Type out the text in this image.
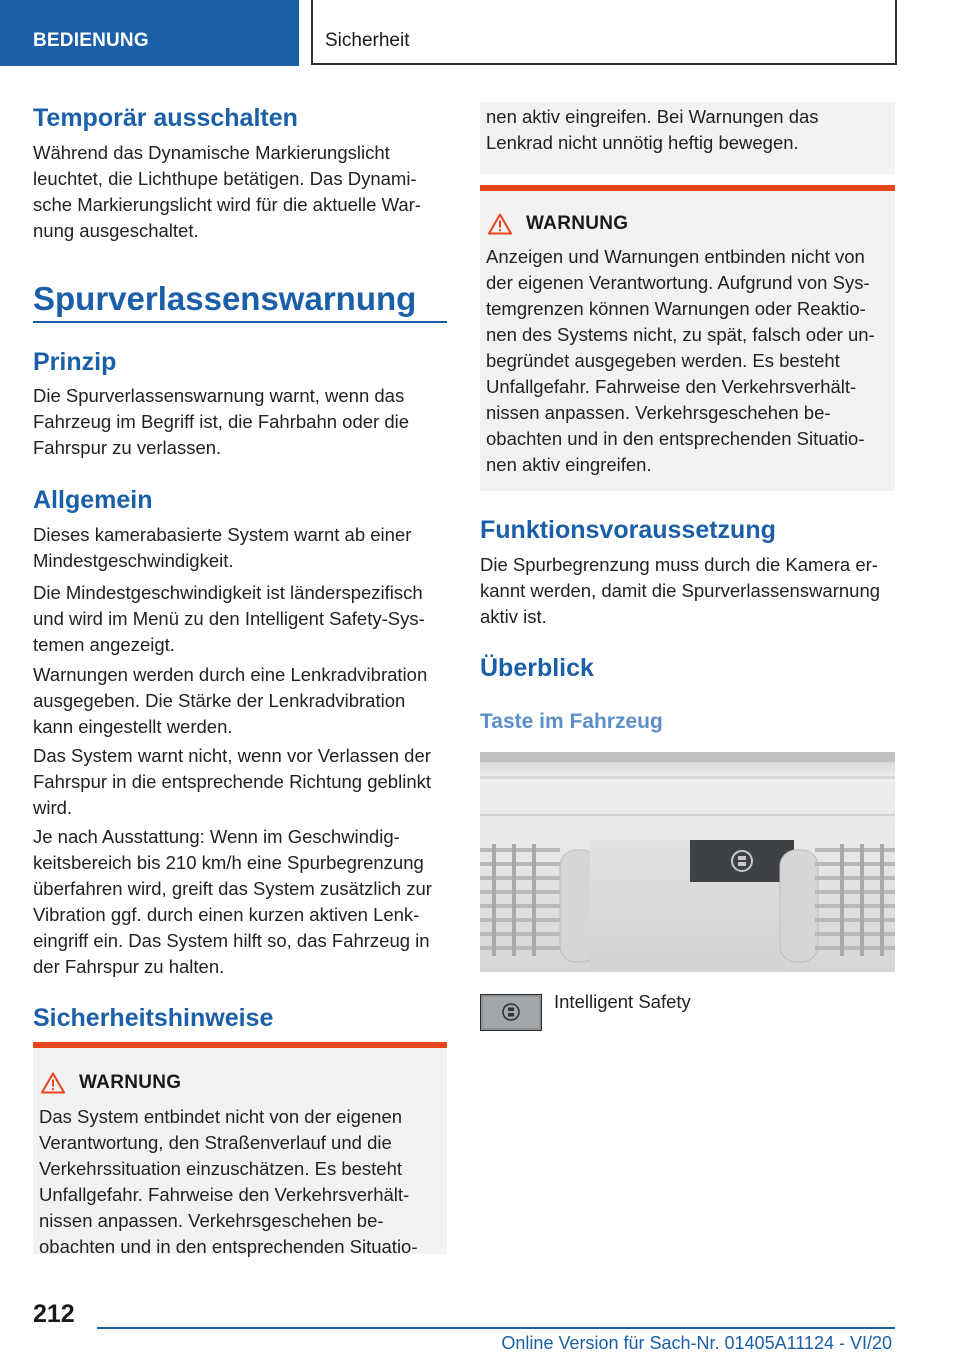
BEDIENUNG	Sicherheit
Temporär ausschalten

Während das Dynamische Markierungslicht

leuchtet, die Lichthupe betätigen. Das Dynami-

sche Markierungslicht wird für die aktuelle War-

nung ausgeschaltet.

Spurverlassenswarnung
Prinzip

Die Spurverlassenswarnung warnt, wenn das

Fahrzeug im Begriff ist, die Fahrbahn oder die

Fahrspur zu verlassen.

Allgemein

Dieses kamerabasierte System warnt ab einer

Mindestgeschwindigkeit.

Die Mindestgeschwindigkeit ist länderspezifisch

und wird im Menü zu den Intelligent Safety-Sys-

temen angezeigt.

Warnungen werden durch eine Lenkradvibration

ausgegeben. Die Stärke der Lenkradvibration

kann eingestellt werden.

Das System warnt nicht, wenn vor Verlassen der

Fahrspur in die entsprechende Richtung geblinkt

wird.

Je nach Ausstattung: Wenn im Geschwindig-

keitsbereich bis 210 km/h eine Spurbegrenzung

überfahren wird, greift das System zusätzlich zur

Vibration ggf. durch einen kurzen aktiven Lenk-

eingriff ein. Das System hilft so, das Fahrzeug in

der Fahrspur zu halten.

Sicherheitshinweise
WARNUNG

Das System entbindet nicht von der eigenen

Verantwortung, den Straßenverlauf und die

Verkehrssituation einzuschätzen. Es besteht

Unfallgefahr. Fahrweise den Verkehrsverhält-

nissen anpassen. Verkehrsgeschehen be-

obachten und in den entsprechenden Situatio-

nen aktiv eingreifen. Bei Warnungen das

Lenkrad nicht unnötig heftig bewegen.

WARNUNG

Anzeigen und Warnungen entbinden nicht von

der eigenen Verantwortung. Aufgrund von Sys-

temgrenzen können Warnungen oder Reaktio-

nen des Systems nicht, zu spät, falsch oder un-

begründet ausgegeben werden. Es besteht

Unfallgefahr. Fahrweise den Verkehrsverhält-

nissen anpassen. Verkehrsgeschehen be-

obachten und in den entsprechenden Situatio-

nen aktiv eingreifen.

Funktionsvoraussetzung

Die Spurbegrenzung muss durch die Kamera er-

kannt werden, damit die Spurverlassenswarnung

aktiv ist.

Überblick
Taste im Fahrzeug

Intelligent Safety

212
Online Version für Sach-Nr. 01405A11124 - VI/20
